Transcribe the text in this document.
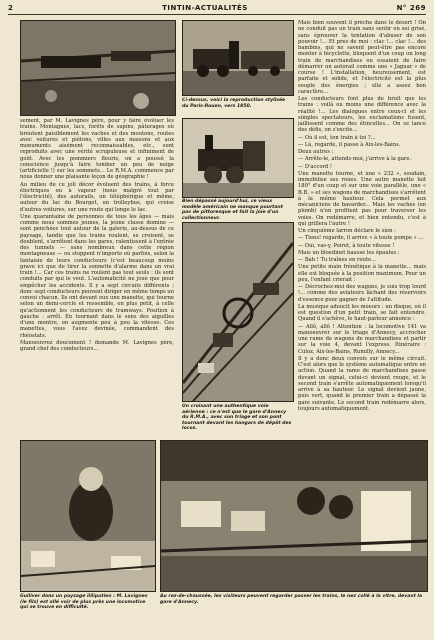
2	TINTIN-ACTUALITÉS	N° 269
Ci-dessus, voici la reproduction stylisée du Paris-Rouen, vers 1850.
Bien dépassé aujourd'hui, ce vieux modèle américain ne manque pourtant pas de pittoresque et fait la joie d'un collectionneur.
Un croisant une authentique voie aérienne : ce n'est que le gare d'Annecy du R.M.A., avec son triage et son pont tournant devant les hangars de dépôt des locos.
Gulliver dans un paysage lilliputien : M. Lavignes (le fils) est allé voir de plus près une locomotive qui se trouve en difficulté.
Au rez-de-chaussée, les visiteurs peuvent regarder passer les trains, le nez collé à la vitre, devant la gare d'Annecy.

sement, par M. Lavignes père, pour y faire évoluer les trains. Montagnes, lacs, forêts de sapins, pâturages où broutent paisiblement les vaches et des moutons, routes avec voitures et piétons, villes aux maisons et aux monuments aisément reconnaissables, etc., sont reproduits avec une vérité scrupuleuse et infiniment de goût. Avec les pommiers fleuris, on a poussé la conscience jusqu'à faire tomber un peu de neige (artificielle !) sur les sommets... Le R.M.A. commence par nous donner une plaisante leçon de géographie !

Au milieu de ce joli décor évoluent des trains, à force électriques ou à vapeur (nous malgré tout par l'électricité), des autorails, un téléphérique et même, autour du lac du Bourget, un trolleybus, qui croise d'autres voitures, sur une route qui longe le lac.

Une quarantaine de personnes de tous les âges — mais comme nous sommes jeunes, la jeune classe domine — sont penchées tout autour de la galerie, au-dessus de ce paysage, tandis que les trains roulent, se croisent, se doublent, s'arrêtent dans les gares, ralentissent à l'entrée des tunnels — sans nombreux dans cette région montagneuse — ou stoppent n'importe où parfois, selon la fantaisie de leurs conducteurs (c'est beaucoup moins grave ici que de tirer la sonnette d'alarme dans un vrai train !... Car ces trains ne roulent pas tout seuls : ils sont conduits par qui le veut. L'automaticité ne joue que pour empêcher les accidents. Il y a sept circuits différents ; donc sept conducteurs peuvent diriger en même temps un convoi chacun. Ils ont devant eux une manette, qui tourne selon un demi-cercle et ressemble, en plus petit, à celle qu'actionnent les conducteurs de tramways. Position à gauche : arrêt. En tournant dans le sens des aiguilles d'une montre, on augmente peu à peu la vitesse. Ces manettes, vous l'avez devinée, commandent des rhéostats.

Manoeuvrez doucement ! demande M. Lavignes père, grand chef des conducteurs...

Mais bien souvent il prêche dans le désert ! On ne conduit pas un train sans sentir en soi grisé, sans éprouver la tentation d'abuser de son pouvoir !... Et pres de moi : clac !... clac !... des bambins, qui ne savent peut-être pas encore monter à bicyclette, bloquent d'un coup un long train de marchandises ou essaient de faire démarrer un autorail comme une « Jaguar » de course ! L'installation, heureusement, est parfaite et solide, et l'électricité est la plus souple des énergies ; elle a assez bon caractère...

Les conducteurs font plus de bruit que les trains : voilà ou moins une différence avec la réalité !... Les dialogues entre ceux-ci et les simples spectateurs, les exclamations fusent, jaillissent comme des étincelles... On se lance des défis, on s'excite...

— Où il est, ton train à toi ?...

— Là, regarde, il passe à Aix-les-Bains.

Deux autres :

— Arrête-le, attends-moi, j'arrive à la gare.

— D'accord !

Une manette tourne, et une « 232 », soudain, immobilise ses roues. Une autre manette fait 180° d'un coup et sur une voie parallèle, une « B.B. » et ses wagons de marchandises s'arrêtent à la même hauteur. Cela permet aux mécaniciens de bavarder... Mais les vaches (en plomb) n'en profitent pas pour traverser les voies. On redémarre, et bien entendu, c'est à qui grillera l'autre !

Un cinquième larron déclare le sien :

— Tiens! regarde, il arrive « à toute pompe » ...

— Oui, vas-y, Poiret, à toute vitesse !

Mais un bloedinet hausse les épaules :

— Bah ! Tu traînes en route...

Une petite main frénétique à la manette... mais elle est bloquée à la position maximum. Pour un peu, l'enfant crierait :

— Décrochez-moi des wagons, je suis trop lourd !... comme des aviateurs lâchant des réservoirs d'essence pour gagner de l'altitude.

La musique adoucit les moeurs : un disque, où il est question d'un petit train, se fait entendre. Quand il s'achève, le haut-parleur annonce :

— Allô, allô ! Attention : la locomotive 141 va manoeuvrer sur le triage d'Annecy, accrocher une rame de wagons de marchandises et partir sur la voie 4, devant l'express. Itinéraire : Culoz, Aix-les-Bains, Rumilly, Annecy...

Il y a donc deux convois sur le même circuit. C'est alors que le système automatique entre en action. Quand la rame de marchandises passe devant un signal, celui-ci devient rouge, et le second train s'arrête automatiquement lorsqu'il arrive à sa hauteur. Le signal devient jaune, puis vert, quand le premier train a dépassé la gare suivante. Le second train redémarre alors, toujours automatiquement.
